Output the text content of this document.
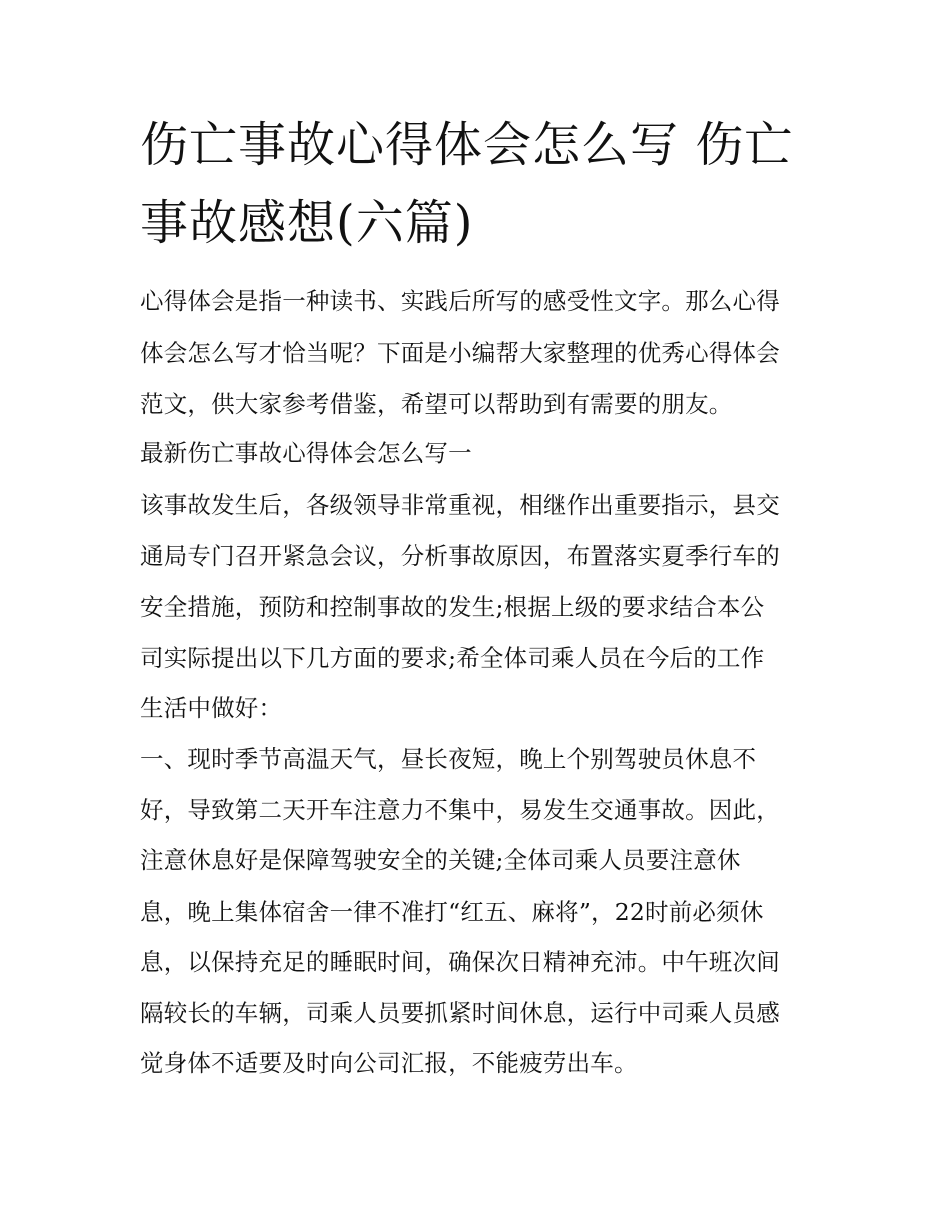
伤亡事故心得体会怎么写 伤亡
事故感想(六篇)

心得体会是指一种读书、实践后所写的感受性文字。那么心得

体会怎么写才恰当呢？下面是小编帮大家整理的优秀心得体会

范文，供大家参考借鉴，希望可以帮助到有需要的朋友。

最新伤亡事故心得体会怎么写一

该事故发生后，各级领导非常重视，相继作出重要指示，县交

通局专门召开紧急会议，分析事故原因，布置落实夏季行车的

安全措施，预防和控制事故的发生;根据上级的要求结合本公

司实际提出以下几方面的要求;希全体司乘人员在今后的工作

生活中做好：

一、现时季节高温天气，昼长夜短，晚上个别驾驶员休息不

好，导致第二天开车注意力不集中，易发生交通事故。因此，

注意休息好是保障驾驶安全的关键;全体司乘人员要注意休

息，晚上集体宿舍一律不准打“红五、麻将”，22时前必须休

息，以保持充足的睡眠时间，确保次日精神充沛。中午班次间

隔较长的车辆，司乘人员要抓紧时间休息，运行中司乘人员感

觉身体不适要及时向公司汇报，不能疲劳出车。
